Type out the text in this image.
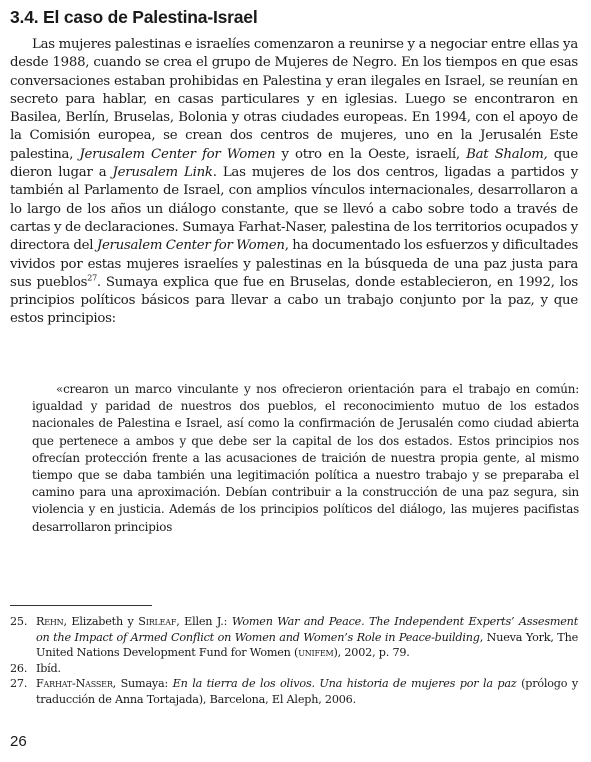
3.4. El caso de Palestina-Israel

Las mujeres palestinas e israelíes comenzaron a reunirse y a negociar entre ellas ya desde 1988, cuando se crea el grupo de Mujeres de Negro. En los tiempos en que esas conversaciones estaban prohibidas en Palestina y eran ilegales en Israel, se reunían en secreto para hablar, en casas particulares y en iglesias. Luego se encontraron en Basilea, Berlín, Bruselas, Bolonia y otras ciudades europeas. En 1994, con el apoyo de la Comisión europea, se crean dos centros de mujeres, uno en la Jerusalén Este palestina, Jerusalem Center for Women y otro en la Oeste, israelí, Bat Shalom, que dieron lugar a Jerusalem Link. Las mujeres de los dos centros, ligadas a partidos y también al Parlamento de Israel, con amplios vínculos internacionales, desarrollaron a lo largo de los años un diálogo constante, que se llevó a cabo sobre todo a través de cartas y de declaraciones. Sumaya Farhat-Naser, palestina de los territorios ocupados y directora del Jerusalem Center for Women, ha documentado los esfuerzos y dificultades vividos por estas mujeres israelíes y palestinas en la búsqueda de una paz justa para sus pueblos$^{27}$. Sumaya explica que fue en Bruselas, donde establecieron, en 1992, los principios políticos básicos para llevar a cabo un trabajo conjunto por la paz, y que estos principios:

«crearon un marco vinculante y nos ofrecieron orientación para el trabajo en común: igualdad y paridad de nuestros dos pueblos, el reconocimiento mutuo de los estados nacionales de Palestina e Israel, así como la confirmación de Jerusalén como ciudad abierta que pertenece a ambos y que debe ser la capital de los dos estados. Estos principios nos ofrecían protección frente a las acusaciones de traición de nuestra propia gente, al mismo tiempo que se daba también una legitimación política a nuestro trabajo y se preparaba el camino para una aproximación. Debían contribuir a la construcción de una paz segura, sin violencia y en justicia. Además de los principios políticos del diálogo, las mujeres pacifistas desarrollaron principios

25. Rehn, Elizabeth y Sirleaf, Ellen J.: Women War and Peace. The Independent Experts’ Assesment on the Impact of Armed Conflict on Women and Women’s Role in Peace-building, Nueva York, The United Nations Development Fund for Women (unifem), 2002, p. 79.

26. Ibíd.

27. Farhat-Nasser, Sumaya: En la tierra de los olivos. Una historia de mujeres por la paz (prólogo y traducción de Anna Tortajada), Barcelona, El Aleph, 2006.

26
